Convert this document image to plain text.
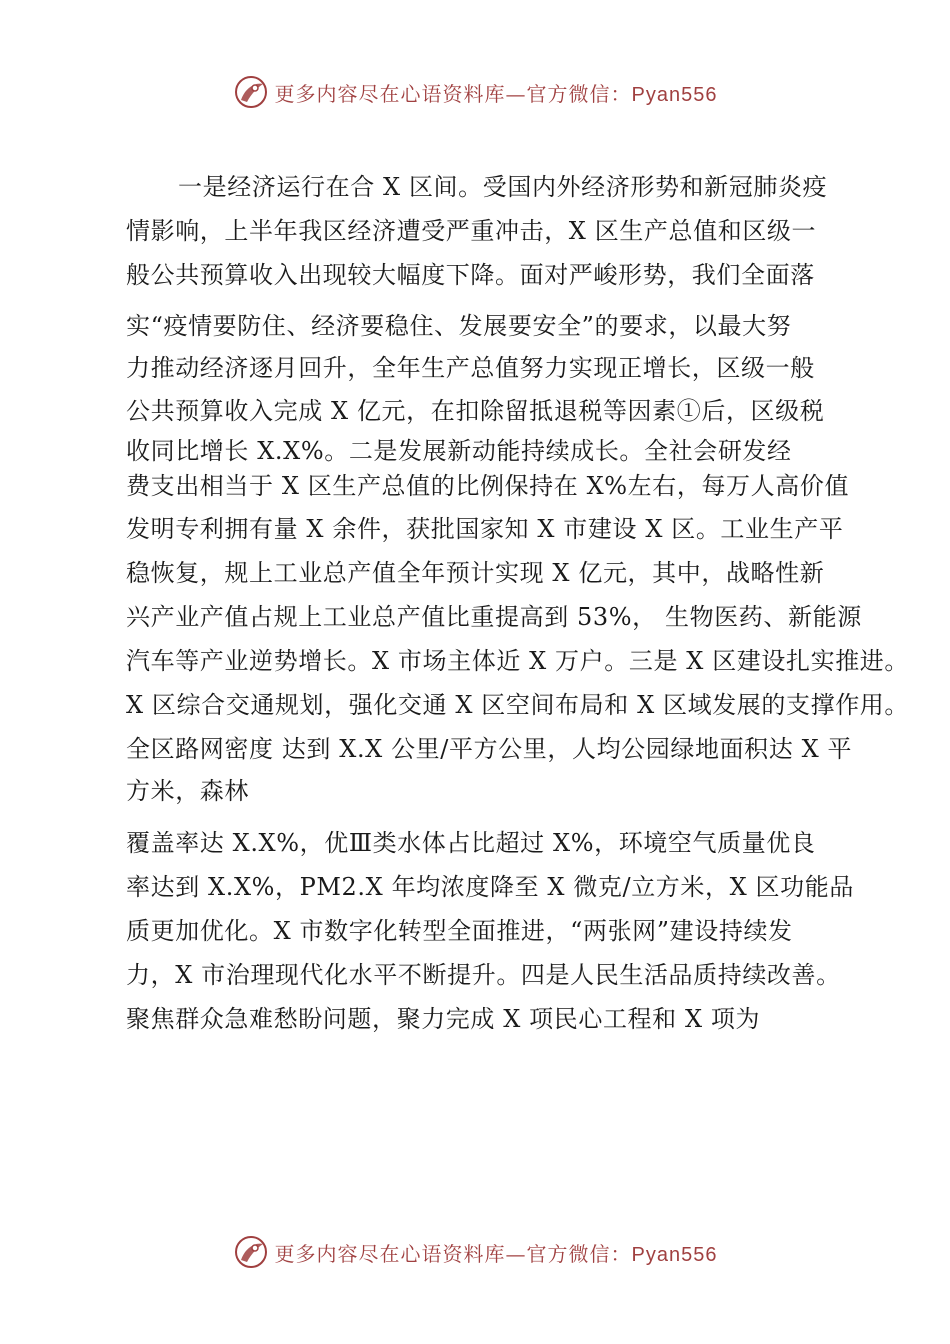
更多内容尽在心语资料库—官方微信：Pyan556
一是经济运行在合 X 区间。受国内外经济形势和新冠肺炎疫
情影响，上半年我区经济遭受严重冲击，X 区生产总值和区级一
般公共预算收入出现较大幅度下降。面对严峻形势，我们全面落
实“疫情要防住、经济要稳住、发展要安全”的要求，以最大努
力推动经济逐月回升，全年生产总值努力实现正增长，区级一般
公共预算收入完成 X 亿元，在扣除留抵退税等因素①后，区级税
收同比增长 X.X%。二是发展新动能持续成长。全社会研发经
费支出相当于 X 区生产总值的比例保持在 X%左右，每万人高价值
发明专利拥有量 X 余件，获批国家知 X 市建设 X 区。工业生产平
稳恢复，规上工业总产值全年预计实现 X 亿元，其中，战略性新
兴产业产值占规上工业总产值比重提高到 53%， 生物医药、新能源
汽车等产业逆势增长。X 市场主体近 X 万户。三是 X 区建设扎实推进。
X 区综合交通规划，强化交通 X 区空间布局和 X 区域发展的支撑作用。
全区路网密度 达到 X.X 公里/平方公里，人均公园绿地面积达 X 平
方米，森林
覆盖率达 X.X%，优Ⅲ类水体占比超过 X%，环境空气质量优良
率达到 X.X%，PM2.X 年均浓度降至 X 微克/立方米，X 区功能品
质更加优化。X 市数字化转型全面推进，“两张网”建设持续发
力，X 市治理现代化水平不断提升。四是人民生活品质持续改善。
聚焦群众急难愁盼问题，聚力完成 X 项民心工程和 X 项为
更多内容尽在心语资料库—官方微信：Pyan556
